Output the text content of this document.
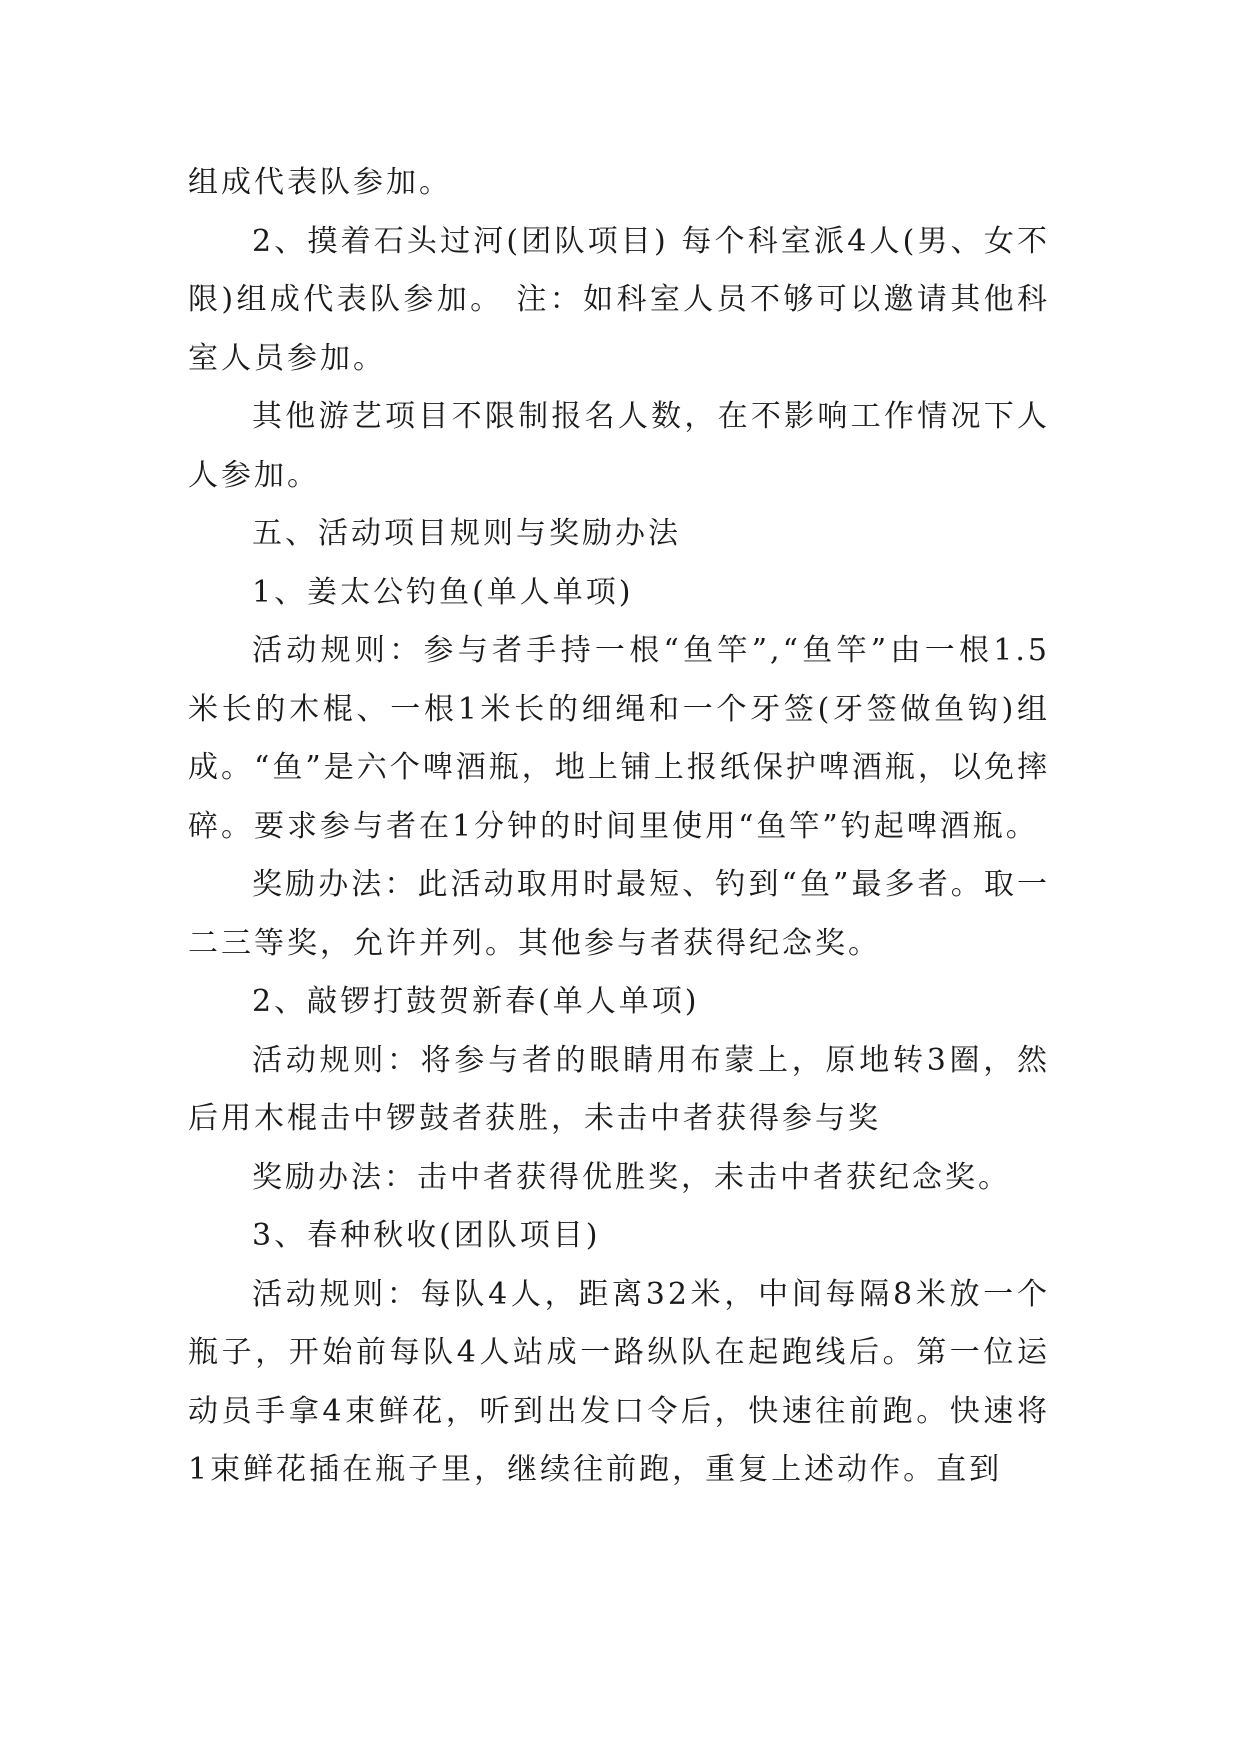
组成代表队参加。

2、摸着石头过河(团队项目) 每个科室派4人(男、女不限)组成代表队参加。 注：如科室人员不够可以邀请其他科室人员参加。

其他游艺项目不限制报名人数，在不影响工作情况下人人参加。

五、活动项目规则与奖励办法

1、姜太公钓鱼(单人单项)

活动规则：参与者手持一根“鱼竿”,“鱼竿”由一根1.5米长的木棍、一根1米长的细绳和一个牙签(牙签做鱼钩)组成。“鱼”是六个啤酒瓶，地上铺上报纸保护啤酒瓶，以免摔碎。要求参与者在1分钟的时间里使用“鱼竿”钓起啤酒瓶。

奖励办法：此活动取用时最短、钓到“鱼”最多者。取一二三等奖，允许并列。其他参与者获得纪念奖。

2、敲锣打鼓贺新春(单人单项)

活动规则：将参与者的眼睛用布蒙上，原地转3圈，然后用木棍击中锣鼓者获胜，未击中者获得参与奖

奖励办法：击中者获得优胜奖，未击中者获纪念奖。

3、春种秋收(团队项目)

活动规则：每队4人，距离32米，中间每隔8米放一个瓶子，开始前每队4人站成一路纵队在起跑线后。第一位运动员手拿4束鲜花，听到出发口令后，快速往前跑。快速将1束鲜花插在瓶子里，继续往前跑，重复上述动作。直到
